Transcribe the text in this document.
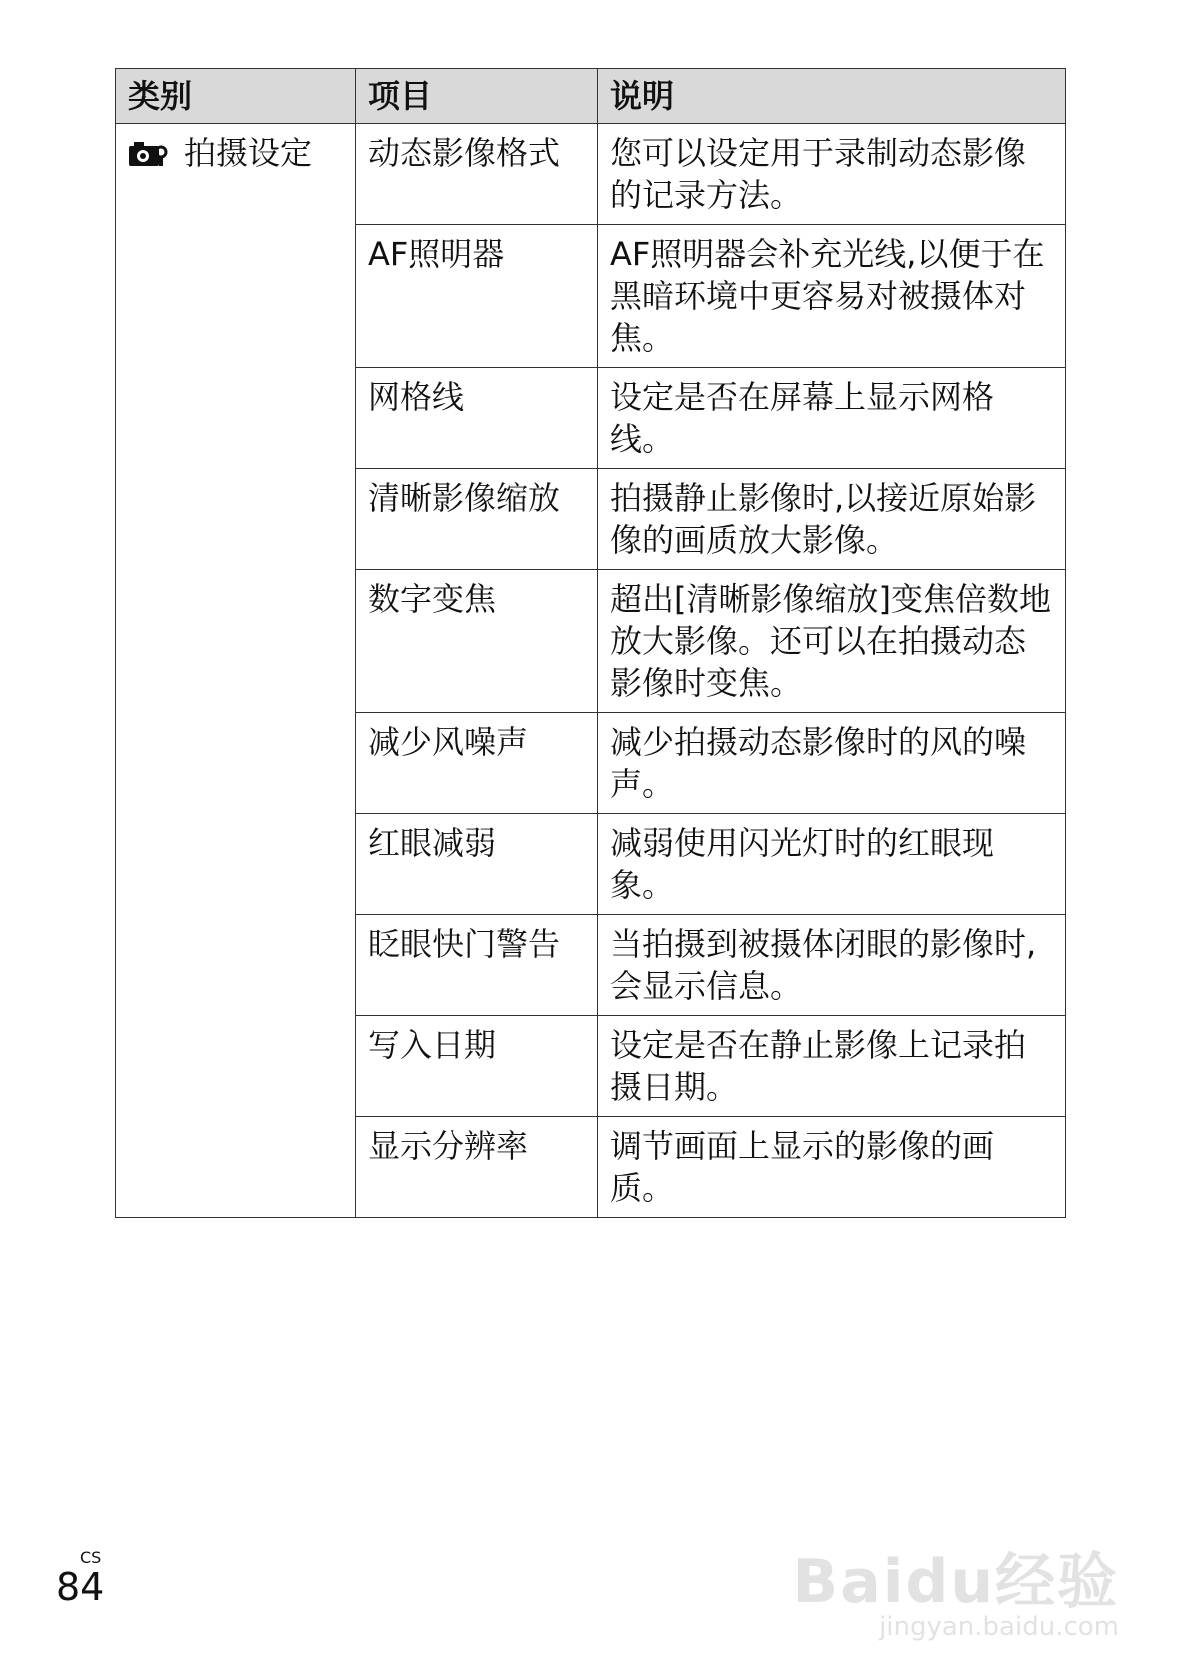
类别	项目	说明
拍摄设定	动态影像格式	您可以设定用于录制动态影像的记录方法。
	AF照明器	AF照明器会补充光线,以便于在黑暗环境中更容易对被摄体对焦。
	网格线	设定是否在屏幕上显示网格线。
	清晰影像缩放	拍摄静止影像时,以接近原始影像的画质放大影像。
	数字变焦	超出[清晰影像缩放]变焦倍数地放大影像。还可以在拍摄动态影像时变焦。
	减少风噪声	减少拍摄动态影像时的风的噪声。
	红眼减弱	减弱使用闪光灯时的红眼现象。
	眨眼快门警告	当拍摄到被摄体闭眼的影像时,会显示信息。
	写入日期	设定是否在静止影像上记录拍摄日期。
	显示分辨率	调节画面上显示的影像的画质。
CS
84	Baidu经验
jingyan.baidu.com
